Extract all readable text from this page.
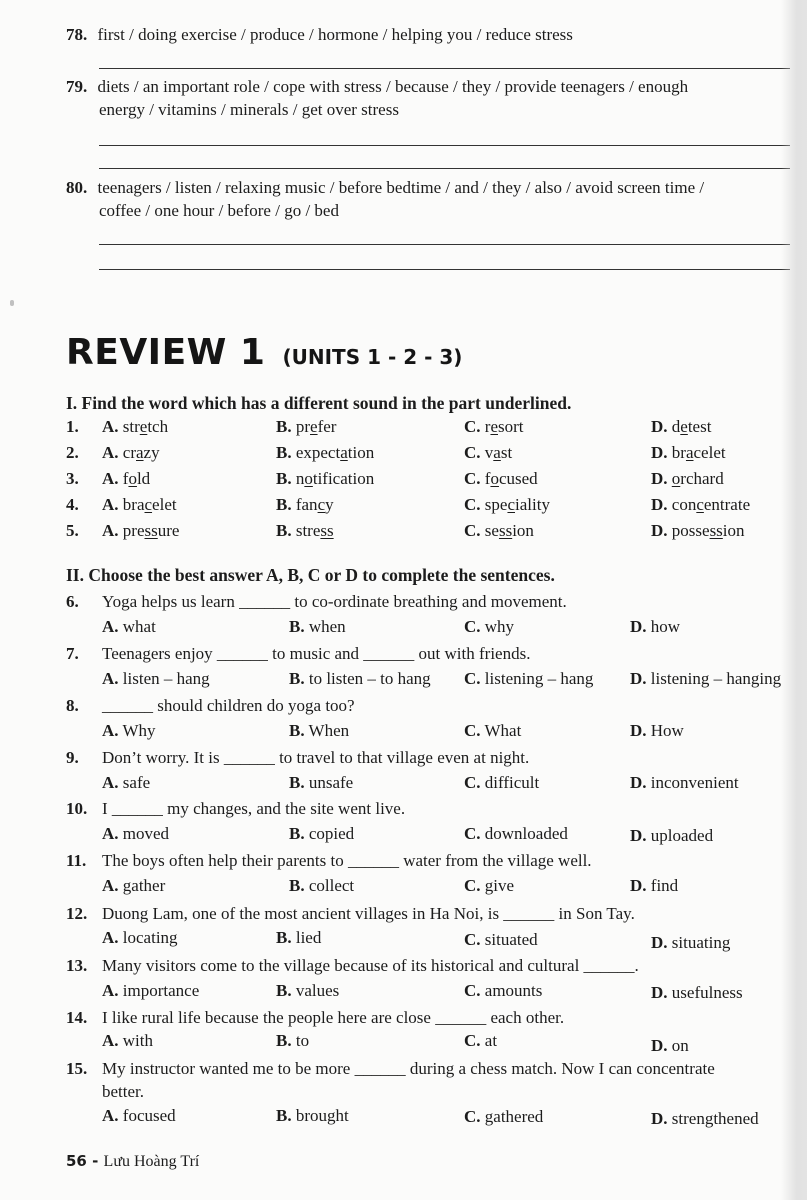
78. first / doing exercise / produce / hormone / helping you / reduce stress
79. diets / an important role / cope with stress / because / they / provide teenagers / enough
energy / vitamins / minerals / get over stress
80. teenagers / listen / relaxing music / before bedtime / and / they / also / avoid screen time /
coffee / one hour / before / go / bed
REVIEW 1 (UNITS 1 - 2 - 3)
I. Find the word which has a different sound in the part underlined.
1. A. stretch	B. prefer	C. resort	D. detest
2. A. crazy	B. expectation	C. vast	D. bracelet
3. A. fold	B. notification	C. focused	D. orchard
4. A. bracelet	B. fancy	C. speciality	D. concentrate
5. A. pressure	B. stress	C. session	D. possession
II. Choose the best answer A, B, C or D to complete the sentences.
6. Yoga helps us learn ______ to co-ordinate breathing and movement.
A. what	B. when	C. why	D. how
7. Teenagers enjoy ______ to music and ______ out with friends.
A. listen – hang	B. to listen – to hang C. listening – hang D. listening – hanging
8. ______ should children do yoga too?
A. Why	B. When	C. What	D. How
9. Don’t worry. It is ______ to travel to that village even at night.
A. safe	B. unsafe	C. difficult	D. inconvenient
10. I ______ my changes, and the site went live.
A. moved	B. copied	C. downloaded	D. uploaded
11. The boys often help their parents to ______ water from the village well.
A. gather	B. collect	C. give	D. find
12. Duong Lam, one of the most ancient villages in Ha Noi, is ______ in Son Tay.
A. locating	B. lied	C. situated	D. situating
13. Many visitors come to the village because of its historical and cultural ______.
A. importance	B. values	C. amounts	D. usefulness
14. I like rural life because the people here are close ______ each other.
A. with	B. to	C. at	D. on
15. My instructor wanted me to be more ______ during a chess match. Now I can concentrate
better.
A. focused	B. brought	C. gathered	D. strengthened
56 - Lưu Hoàng Trí
